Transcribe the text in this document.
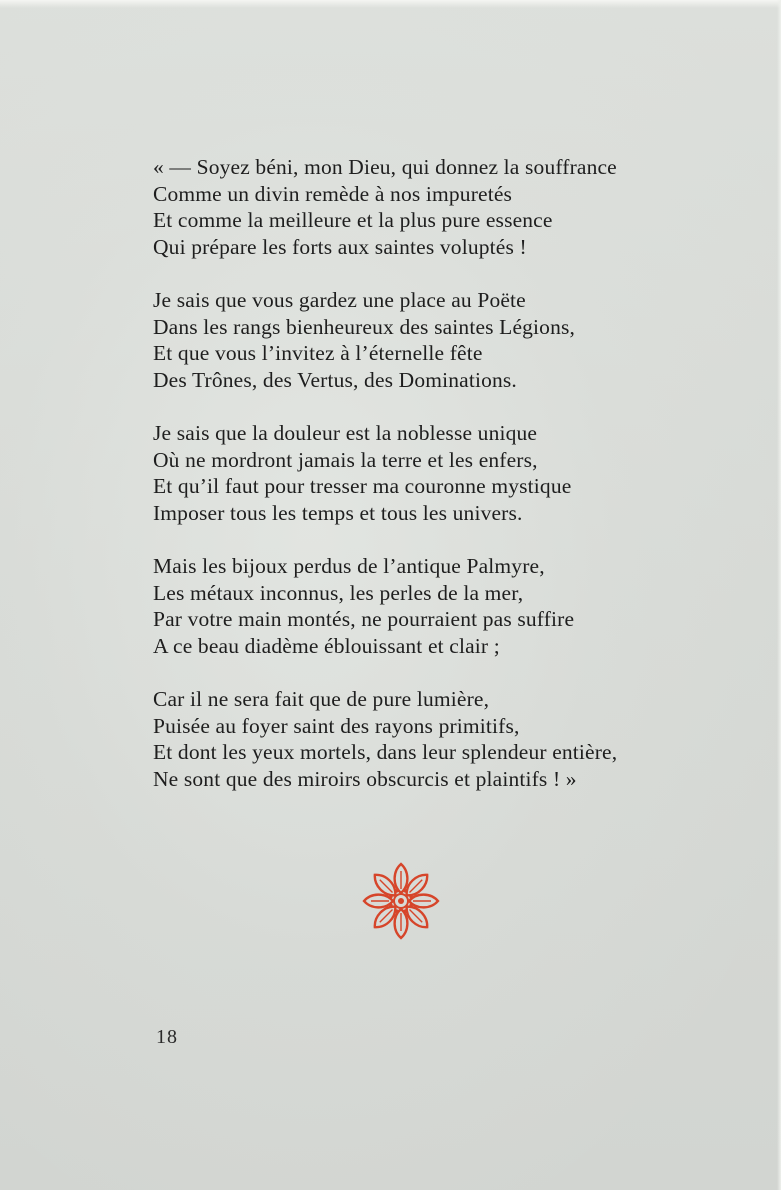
« — Soyez béni, mon Dieu, qui donnez la souffrance
Comme un divin remède à nos impuretés
Et comme la meilleure et la plus pure essence
Qui prépare les forts aux saintes voluptés !
Je sais que vous gardez une place au Poëte
Dans les rangs bienheureux des saintes Légions,
Et que vous l’invitez à l’éternelle fête
Des Trônes, des Vertus, des Dominations.
Je sais que la douleur est la noblesse unique
Où ne mordront jamais la terre et les enfers,
Et qu’il faut pour tresser ma couronne mystique
Imposer tous les temps et tous les univers.
Mais les bijoux perdus de l’antique Palmyre,
Les métaux inconnus, les perles de la mer,
Par votre main montés, ne pourraient pas suffire
A ce beau diadème éblouissant et clair ;
Car il ne sera fait que de pure lumière,
Puisée au foyer saint des rayons primitifs,
Et dont les yeux mortels, dans leur splendeur entière,
Ne sont que des miroirs obscurcis et plaintifs ! »
18
